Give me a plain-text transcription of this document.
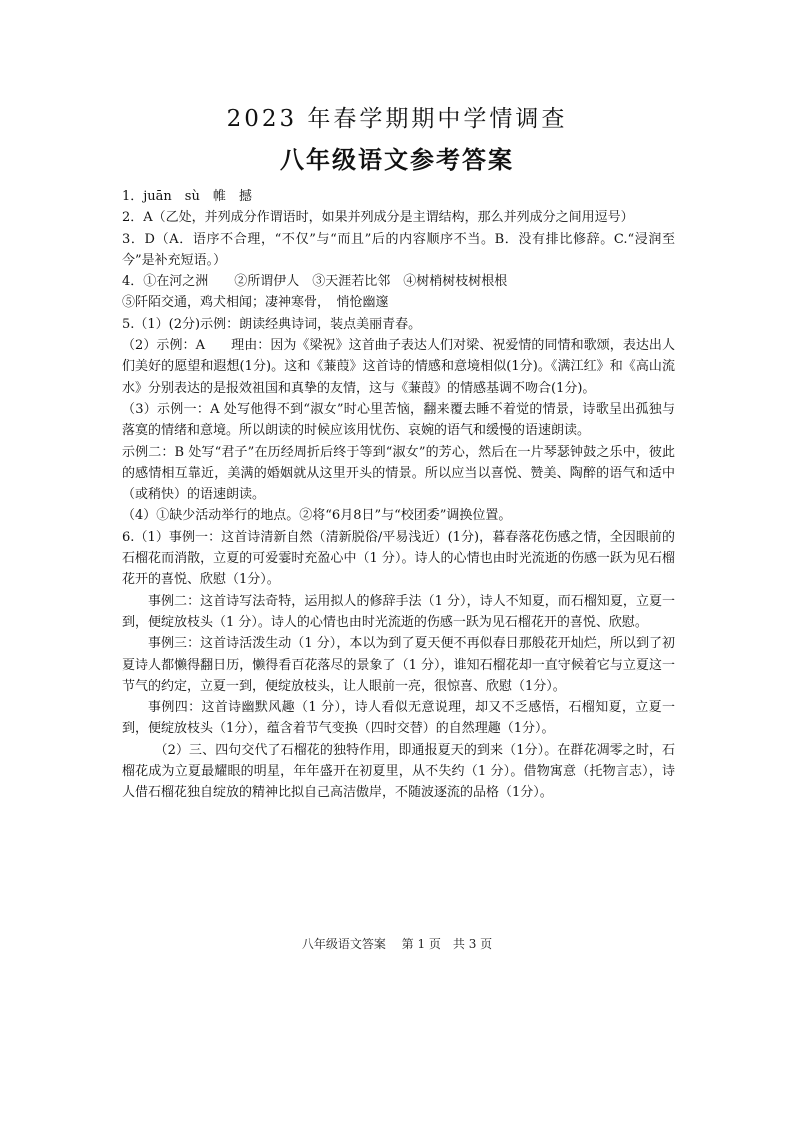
2023 年春学期期中学情调查
八年级语文参考答案

1．juān　sù　帷　撼

2．A（乙处，并列成分作谓语时，如果并列成分是主谓结构，那么并列成分之间用逗号）

3．D（A．语序不合理，“不仅”与“而且”后的内容顺序不当。B．没有排比修辞。C.“浸润至今”是补充短语。）

4．①在河之洲　　②所谓伊人　③天涯若比邻　④树梢树枝树根根

⑤阡陌交通，鸡犬相闻；凄神寒骨，　悄怆幽邃

5.（1）(2分)示例：朗读经典诗词，装点美丽青春。

（2）示例：A　　理由：因为《梁祝》这首曲子表达人们对梁、祝爱情的同情和歌颂，表达出人们美好的愿望和遐想(1分)。这和《蒹葭》这首诗的情感和意境相似(1分)。《满江红》和《高山流水》分别表达的是报效祖国和真挚的友情，这与《蒹葭》的情感基调不吻合(1分)。

（3）示例一：A 处写他得不到“淑女”时心里苦恼，翻来覆去睡不着觉的情景，诗歌呈出孤独与落寞的情绪和意境。所以朗读的时候应该用忧伤、哀婉的语气和缓慢的语速朗读。

示例二：B 处写“君子”在历经周折后终于等到“淑女”的芳心，然后在一片琴瑟钟鼓之乐中，彼此的感情相互靠近，美满的婚姻就从这里开头的情景。所以应当以喜悦、赞美、陶醉的语气和适中（或稍快）的语速朗读。

（4）①缺少活动举行的地点。②将“6月8日”与“校团委”调换位置。

6.（1）事例一：这首诗清新自然（清新脱俗/平易浅近）(1分)，暮春落花伤感之情，全因眼前的石榴花而消散，立夏的可爱霎时充盈心中（1 分）。诗人的心情也由时光流逝的伤感一跃为见石榴花开的喜悦、欣慰（1分）。

事例二：这首诗写法奇特，运用拟人的修辞手法（1 分），诗人不知夏，而石榴知夏，立夏一到，便绽放枝头（1 分）。诗人的心情也由时光流逝的伤感一跃为见石榴花开的喜悦、欣慰。

事例三：这首诗活泼生动（1 分），本以为到了夏天便不再似春日那般花开灿烂，所以到了初夏诗人都懒得翻日历，懒得看百花落尽的景象了（1 分），谁知石榴花却一直守候着它与立夏这一节气的约定，立夏一到，便绽放枝头，让人眼前一亮，很惊喜、欣慰（1分）。

事例四：这首诗幽默风趣（1 分），诗人看似无意说理，却又不乏感悟，石榴知夏，立夏一到，便绽放枝头（1分），蕴含着节气变换（四时交替）的自然理趣（1分）。

（2）三、四句交代了石榴花的独特作用，即通报夏天的到来（1分）。在群花凋零之时，石榴花成为立夏最耀眼的明星，年年盛开在初夏里，从不失约（1 分）。借物寓意（托物言志），诗人借石榴花独自绽放的精神比拟自己高洁傲岸，不随波逐流的品格（1分）。

八年级语文答案　 第 1 页　共 3 页
